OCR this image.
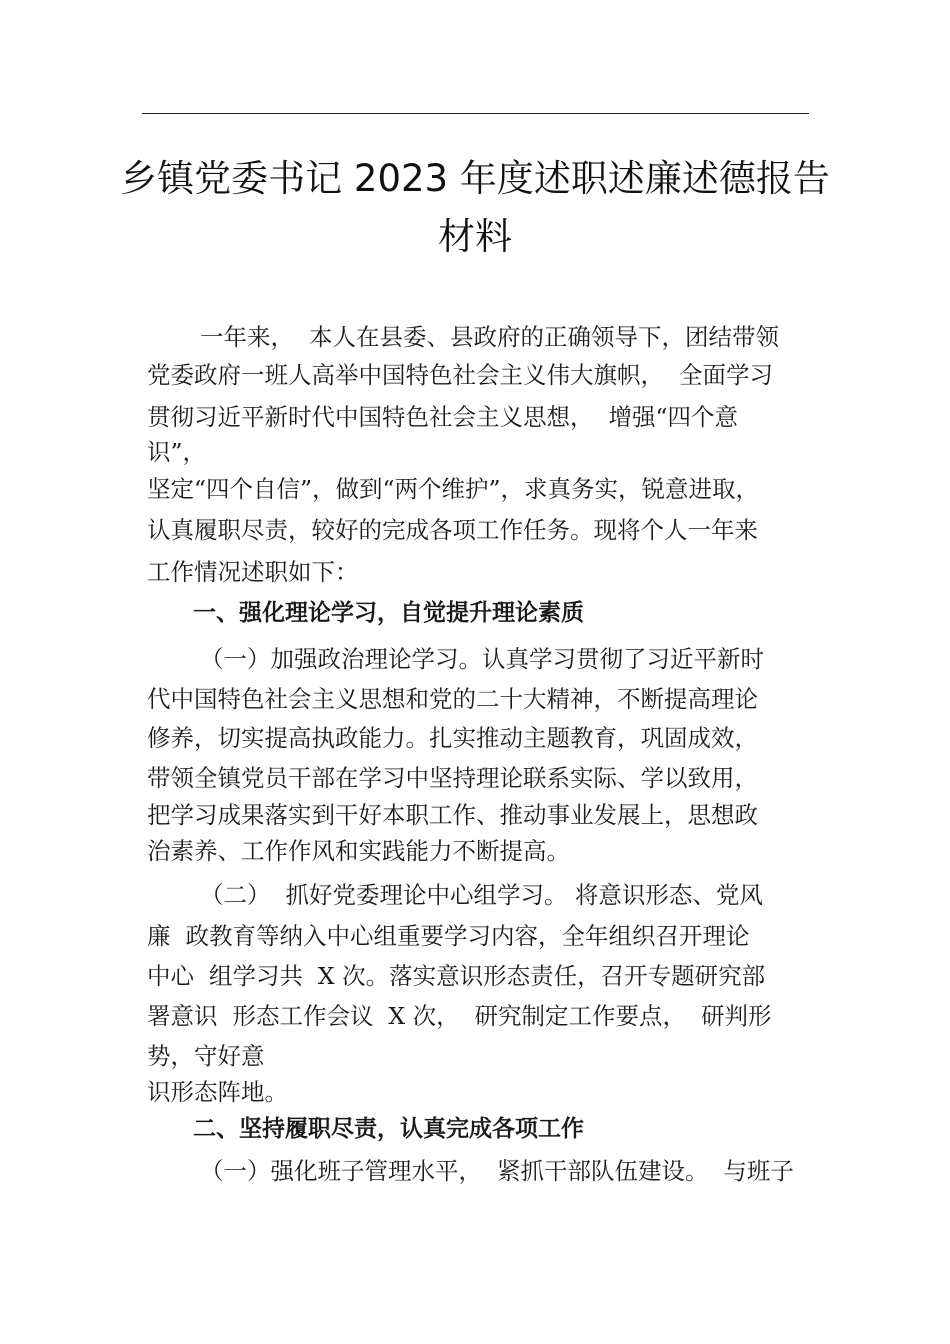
乡镇党委书记 2023 年度述职述廉述德报告
材料
一年来，  本人在县委、县政府的正确领导下，团结带领
党委政府一班人高举中国特色社会主义伟大旗帜，  全面学习
贯彻习近平新时代中国特色社会主义思想，  增强“四个意
识”，
坚定“四个自信”，做到“两个维护”，求真务实，锐意进取，
认真履职尽责，较好的完成各项工作任务。现将个人一年来
工作情况述职如下：
一、强化理论学习，自觉提升理论素质
（一）加强政治理论学习。认真学习贯彻了习近平新时
代中国特色社会主义思想和党的二十大精神，不断提高理论
修养，切实提高执政能力。扎实推动主题教育，巩固成效，
带领全镇党员干部在学习中坚持理论联系实际、学以致用，
把学习成果落实到干好本职工作、推动事业发展上，思想政
治素养、工作作风和实践能力不断提高。
（二）  抓好党委理论中心组学习。 将意识形态、党风
廉  政教育等纳入中心组重要学习内容，全年组织召开理论
中心  组学习共  X 次。落实意识形态责任，召开专题研究部
署意识  形态工作会议  X 次，  研究制定工作要点，  研判形
势，守好意
识形态阵地。
二、坚持履职尽责，认真完成各项工作
（一）强化班子管理水平，  紧抓干部队伍建设。  与班子
